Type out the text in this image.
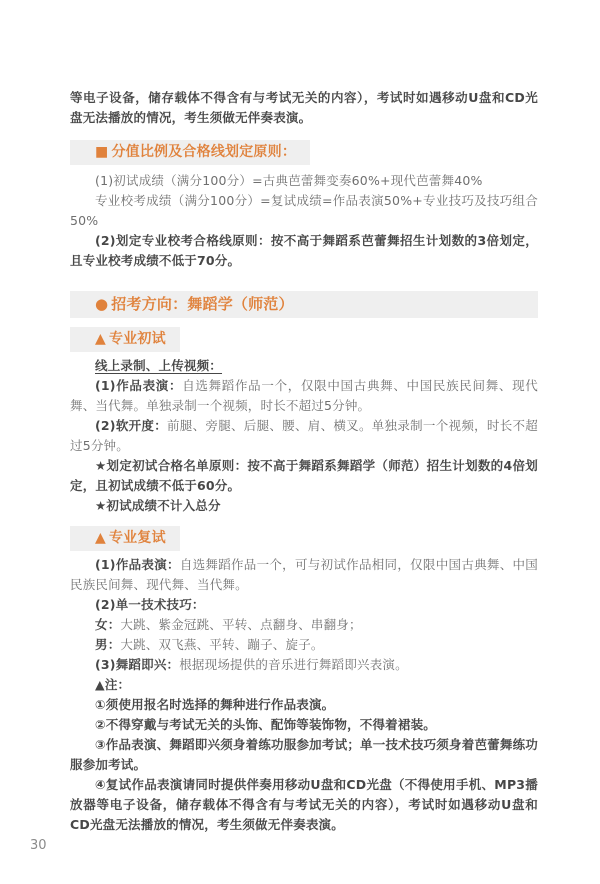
等电子设备，储存载体不得含有与考试无关的内容），考试时如遇移动U盘和CD光盘无法播放的情况，考生须做无伴奏表演。

■ 分值比例及合格线划定原则：

(1)初试成绩（满分100分）=古典芭蕾舞变奏60%+现代芭蕾舞40%

专业校考成绩（满分100分）=复试成绩=作品表演50%+专业技巧及技巧组合50%

(2)划定专业校考合格线原则：按不高于舞蹈系芭蕾舞招生计划数的3倍划定，且专业校考成绩不低于70分。

● 招考方向：舞蹈学（师范）
▲ 专业初试

线上录制、上传视频：

(1)作品表演：自选舞蹈作品一个，仅限中国古典舞、中国民族民间舞、现代舞、当代舞。单独录制一个视频，时长不超过5分钟。

(2)软开度：前腿、旁腿、后腿、腰、肩、横叉。单独录制一个视频，时长不超过5分钟。

★划定初试合格名单原则：按不高于舞蹈系舞蹈学（师范）招生计划数的4倍划定，且初试成绩不低于60分。

★初试成绩不计入总分

▲ 专业复试

(1)作品表演：自选舞蹈作品一个，可与初试作品相同，仅限中国古典舞、中国民族民间舞、现代舞、当代舞。

(2)单一技术技巧：

女：大跳、紫金冠跳、平转、点翻身、串翻身；

男：大跳、双飞燕、平转、蹦子、旋子。

(3)舞蹈即兴：根据现场提供的音乐进行舞蹈即兴表演。

▲注：

①须使用报名时选择的舞种进行作品表演。

②不得穿戴与考试无关的头饰、配饰等装饰物，不得着裙装。

③作品表演、舞蹈即兴须身着练功服参加考试；单一技术技巧须身着芭蕾舞练功服参加考试。

④复试作品表演请同时提供伴奏用移动U盘和CD光盘（不得使用手机、MP3播放器等电子设备，储存载体不得含有与考试无关的内容），考试时如遇移动U盘和CD光盘无法播放的情况，考生须做无伴奏表演。

30
